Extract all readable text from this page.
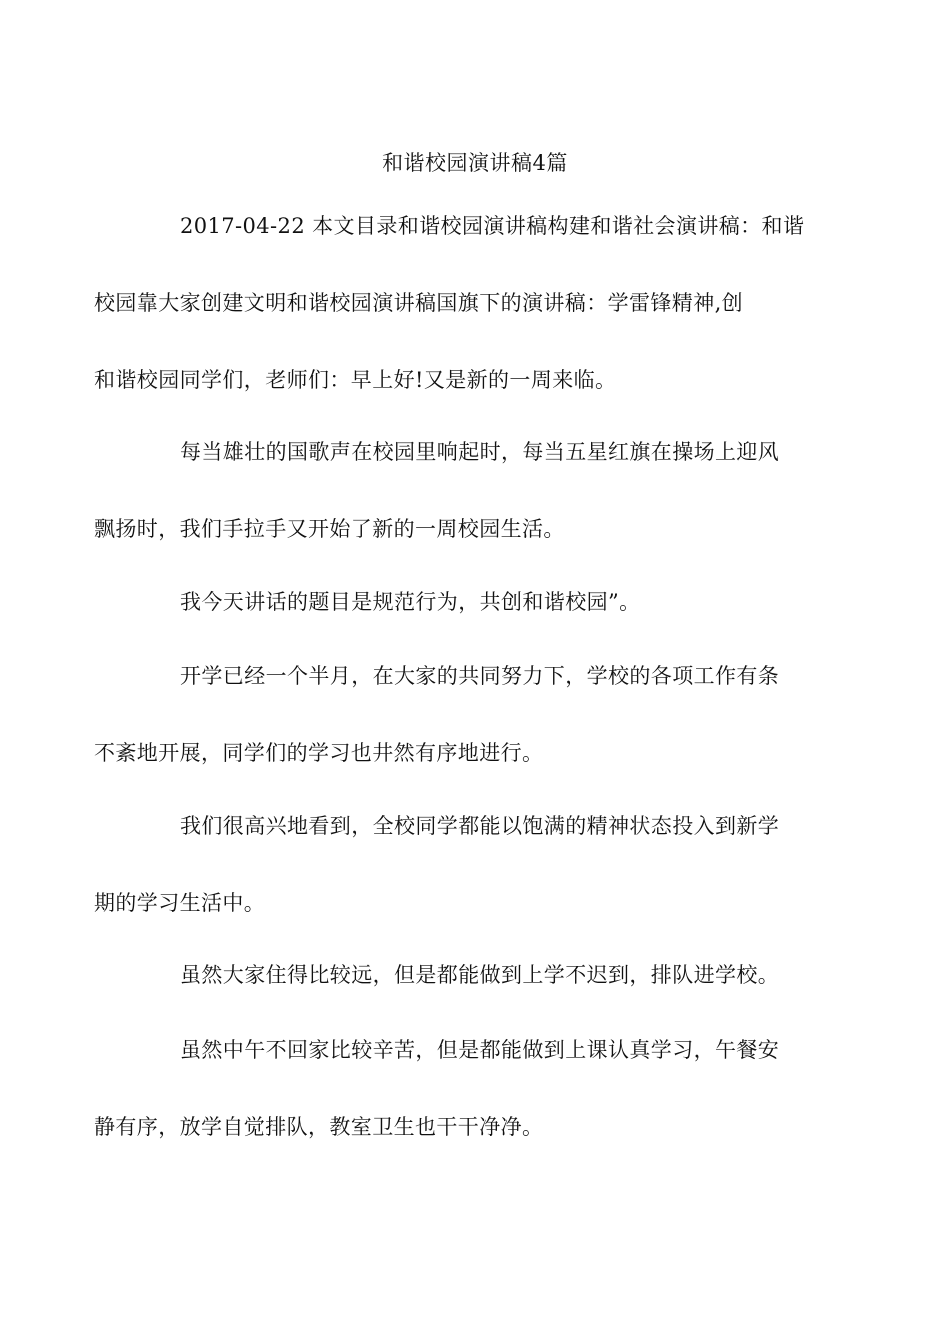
和谐校园演讲稿4篇
2017-04-22 本文目录和谐校园演讲稿构建和谐社会演讲稿：和谐
校园靠大家创建文明和谐校园演讲稿国旗下的演讲稿：学雷锋精神,创
和谐校园同学们，老师们：早上好!又是新的一周来临。
每当雄壮的国歌声在校园里响起时，每当五星红旗在操场上迎风
飘扬时，我们手拉手又开始了新的一周校园生活。
我今天讲话的题目是规范行为，共创和谐校园”。
开学已经一个半月，在大家的共同努力下，学校的各项工作有条
不紊地开展，同学们的学习也井然有序地进行。
我们很高兴地看到，全校同学都能以饱满的精神状态投入到新学
期的学习生活中。
虽然大家住得比较远，但是都能做到上学不迟到，排队进学校。
虽然中午不回家比较辛苦，但是都能做到上课认真学习，午餐安
静有序，放学自觉排队，教室卫生也干干净净。
